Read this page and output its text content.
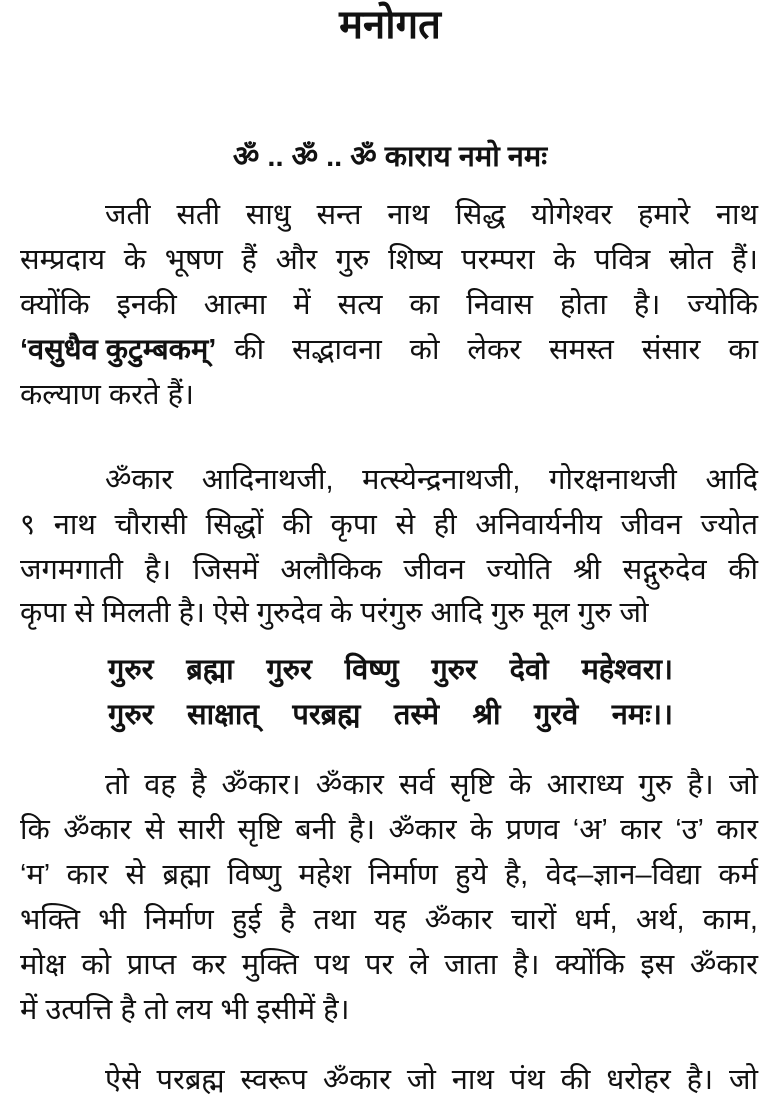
मनोगत
ॐ .. ॐ .. ॐ काराय नमो नमः
जती सती साधु सन्त नाथ सिद्ध योगेश्वर हमारे नाथ
सम्प्रदाय के भूषण हैं और गुरु शिष्य परम्परा के पवित्र स्रोत हैं।
क्योंकि इनकी आत्मा में सत्य का निवास होता है। ज्योकि
‘वसुधैव कुटुम्बकम्’ की सद्भावना को लेकर समस्त संसार का
कल्याण करते हैं।
ॐकार आदिनाथजी, मत्स्येन्द्रनाथजी, गोरक्षनाथजी आदि
९ नाथ चौरासी सिद्धों की कृपा से ही अनिवार्यनीय जीवन ज्योत
जगमगाती है। जिसमें अलौकिक जीवन ज्योति श्री सद्गुरुदेव की
कृपा से मिलती है। ऐसे गुरुदेव के परंगुरु आदि गुरु मूल गुरु जो
गुरुर ब्रह्मा गुरुर विष्णु गुरुर देवो महेश्वरा।
गुरुर साक्षात् परब्रह्म तस्मे श्री गुरवे नमः।।
तो वह है ॐकार। ॐकार सर्व सृष्टि के आराध्य गुरु है। जो
कि ॐकार से सारी सृष्टि बनी है। ॐकार के प्रणव ‘अ’ कार ‘उ’ कार
‘म’ कार से ब्रह्मा विष्णु महेश निर्माण हुये है, वेद–ज्ञान–विद्या कर्म
भक्ति भी निर्माण हुई है तथा यह ॐकार चारों धर्म, अर्थ, काम,
मोक्ष को प्राप्त कर मुक्ति पथ पर ले जाता है। क्योंकि इस ॐकार
में उत्पत्ति है तो लय भी इसीमें है।
ऐसे परब्रह्म स्वरूप ॐकार जो नाथ पंथ की धरोहर है। जो
